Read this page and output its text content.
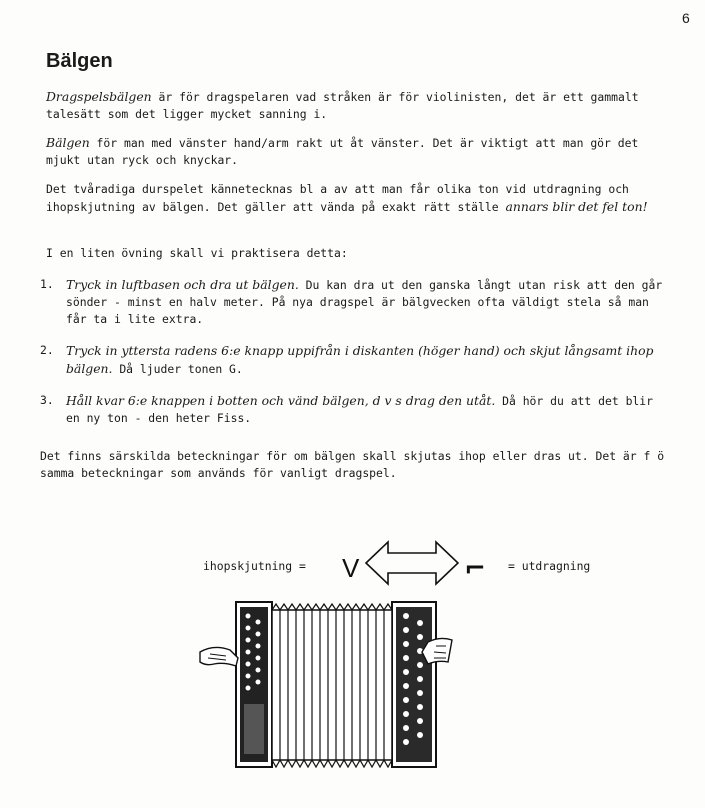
6
Bälgen

Dragspelsbälgen är för dragspelaren vad stråken är för violinisten, det är ett gammalt talesätt som det ligger mycket sanning i.

Bälgen för man med vänster hand/arm rakt ut åt vänster. Det är viktigt att man gör det mjukt utan ryck och knyckar.

Det tvåradiga durspelet kännetecknas bl a av att man får olika ton vid utdragning och ihopskjutning av bälgen. Det gäller att vända på exakt rätt ställe annars blir det fel ton!

I en liten övning skall vi praktisera detta:

1. Tryck in luftbasen och dra ut bälgen. Du kan dra ut den ganska långt utan risk att den går sönder - minst en halv meter. På nya dragspel är bälgvecken ofta väldigt stela så man får ta i lite extra.
2. Tryck in yttersta radens 6:e knapp uppifrån i diskanten (höger hand) och skjut långsamt ihop bälgen. Då ljuder tonen G.
3. Håll kvar 6:e knappen i botten och vänd bälgen, d v s drag den utåt. Då hör du att det blir en ny ton - den heter Fiss.

Det finns särskilda beteckningar för om bälgen skall skjutas ihop eller dras ut. Det är f ö samma beteckningar som används för vanligt dragspel.

ihopskjutning =	= utdragning
V	⌐
